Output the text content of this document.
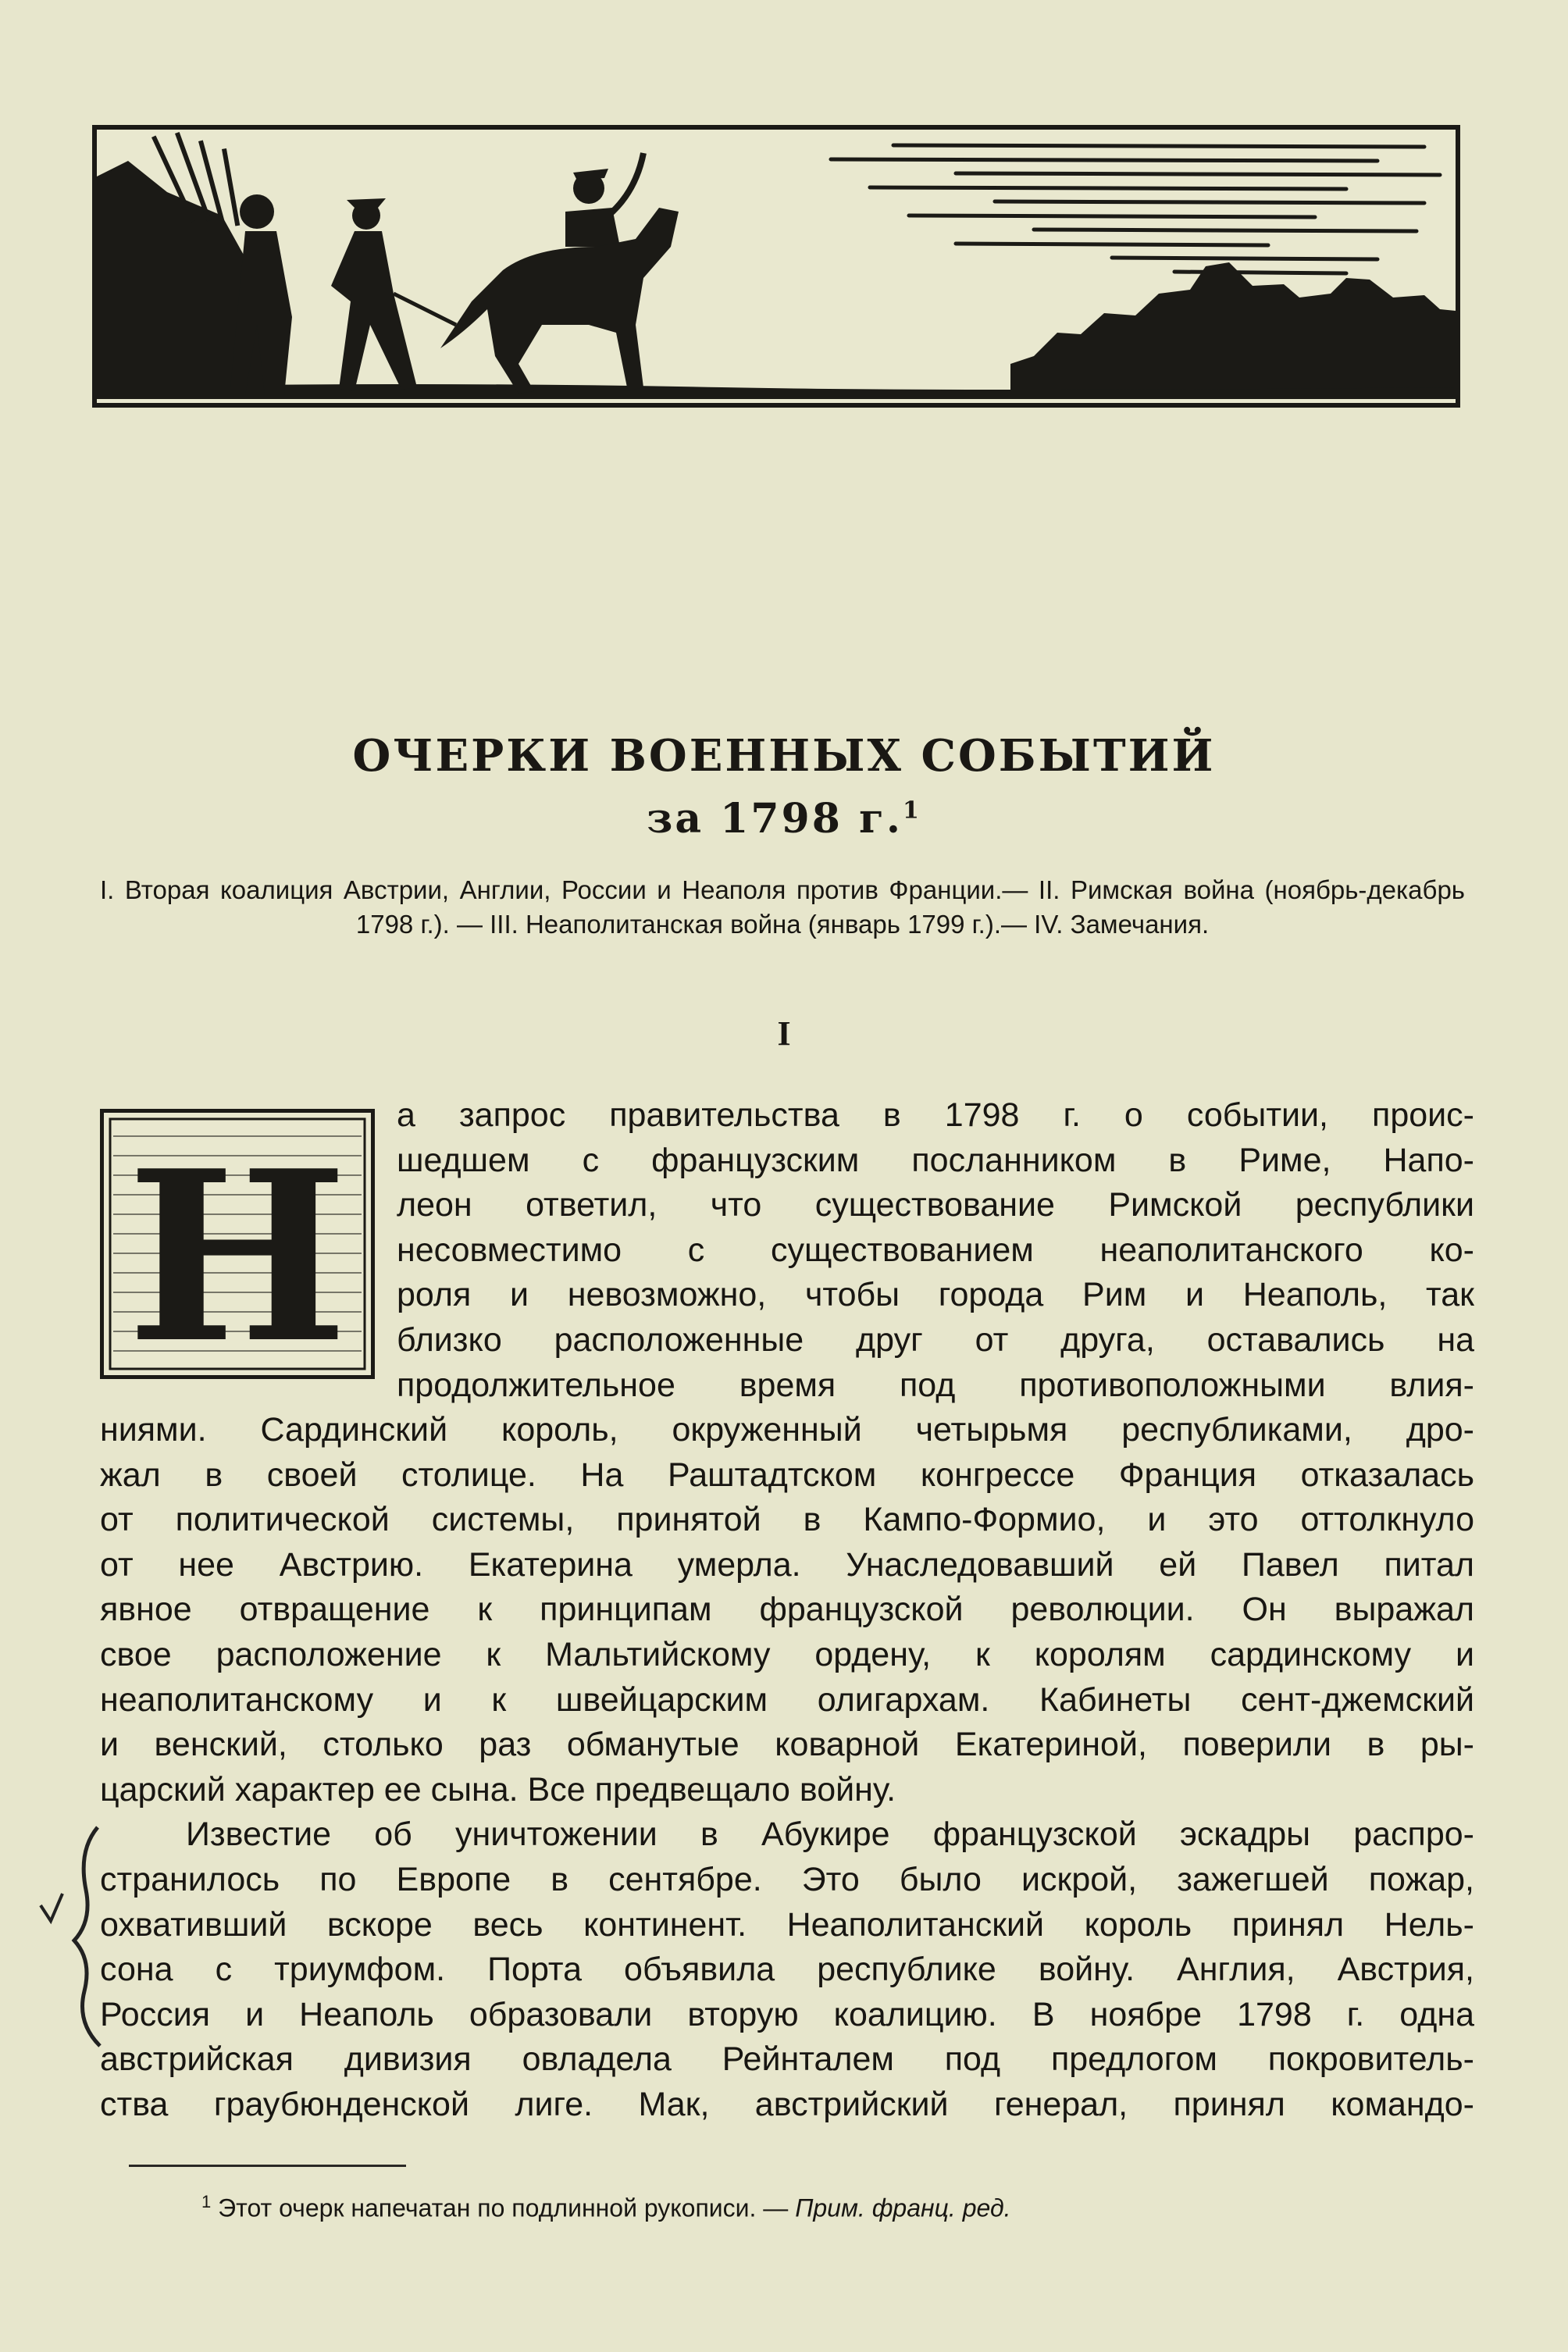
ОЧЕРКИ ВОЕННЫХ СОБЫТИЙ
за 1798 г.$^1$
I. Вторая коалиция Австрии, Англии, России и Неаполя против Франции.— II. Римская война (ноябрь-декабрь 1798 г.). — III. Неаполитанская война (январь 1799 г.).— IV. Замечания.
I
Н
а запрос правительства в 1798 г. о событии, проис-
шедшем с французским посланником в Риме, Напо-
леон ответил, что существование Римской республики
несовместимо с существованием неаполитанского ко-
роля и невозможно, чтобы города Рим и Неаполь, так
близко расположенные друг от друга, оставались на
продолжительное время под противоположными влия-
ниями. Сардинский король, окруженный четырьмя республиками, дро-
жал в своей столице. На Раштадтском конгрессе Франция отказалась
от политической системы, принятой в Кампо-Формио, и это оттолкнуло
от нее Австрию. Екатерина умерла. Унаследовавший ей Павел питал
явное отвращение к принципам французской революции. Он выражал
свое расположение к Мальтийскому ордену, к королям сардинскому и
неаполитанскому и к швейцарским олигархам. Кабинеты сент-джемский
и венский, столько раз обманутые коварной Екатериной, поверили в ры-
царский характер ее сына. Все предвещало войну.
Известие об уничтожении в Абукире французской эскадры распро-
странилось по Европе в сентябре. Это было искрой, зажегшей пожар,
охвативший вскоре весь континент. Неаполитанский король принял Нель-
сона с триумфом. Порта объявила республике войну. Англия, Австрия,
Россия и Неаполь образовали вторую коалицию. В ноябре 1798 г. одна
австрийская дивизия овладела Рейнталем под предлогом покровитель-
ства граубюнденской лиге. Мак, австрийский генерал, принял командо-
$^1$ Этот очерк напечатан по подлинной рукописи. — Прим. франц. ред.
